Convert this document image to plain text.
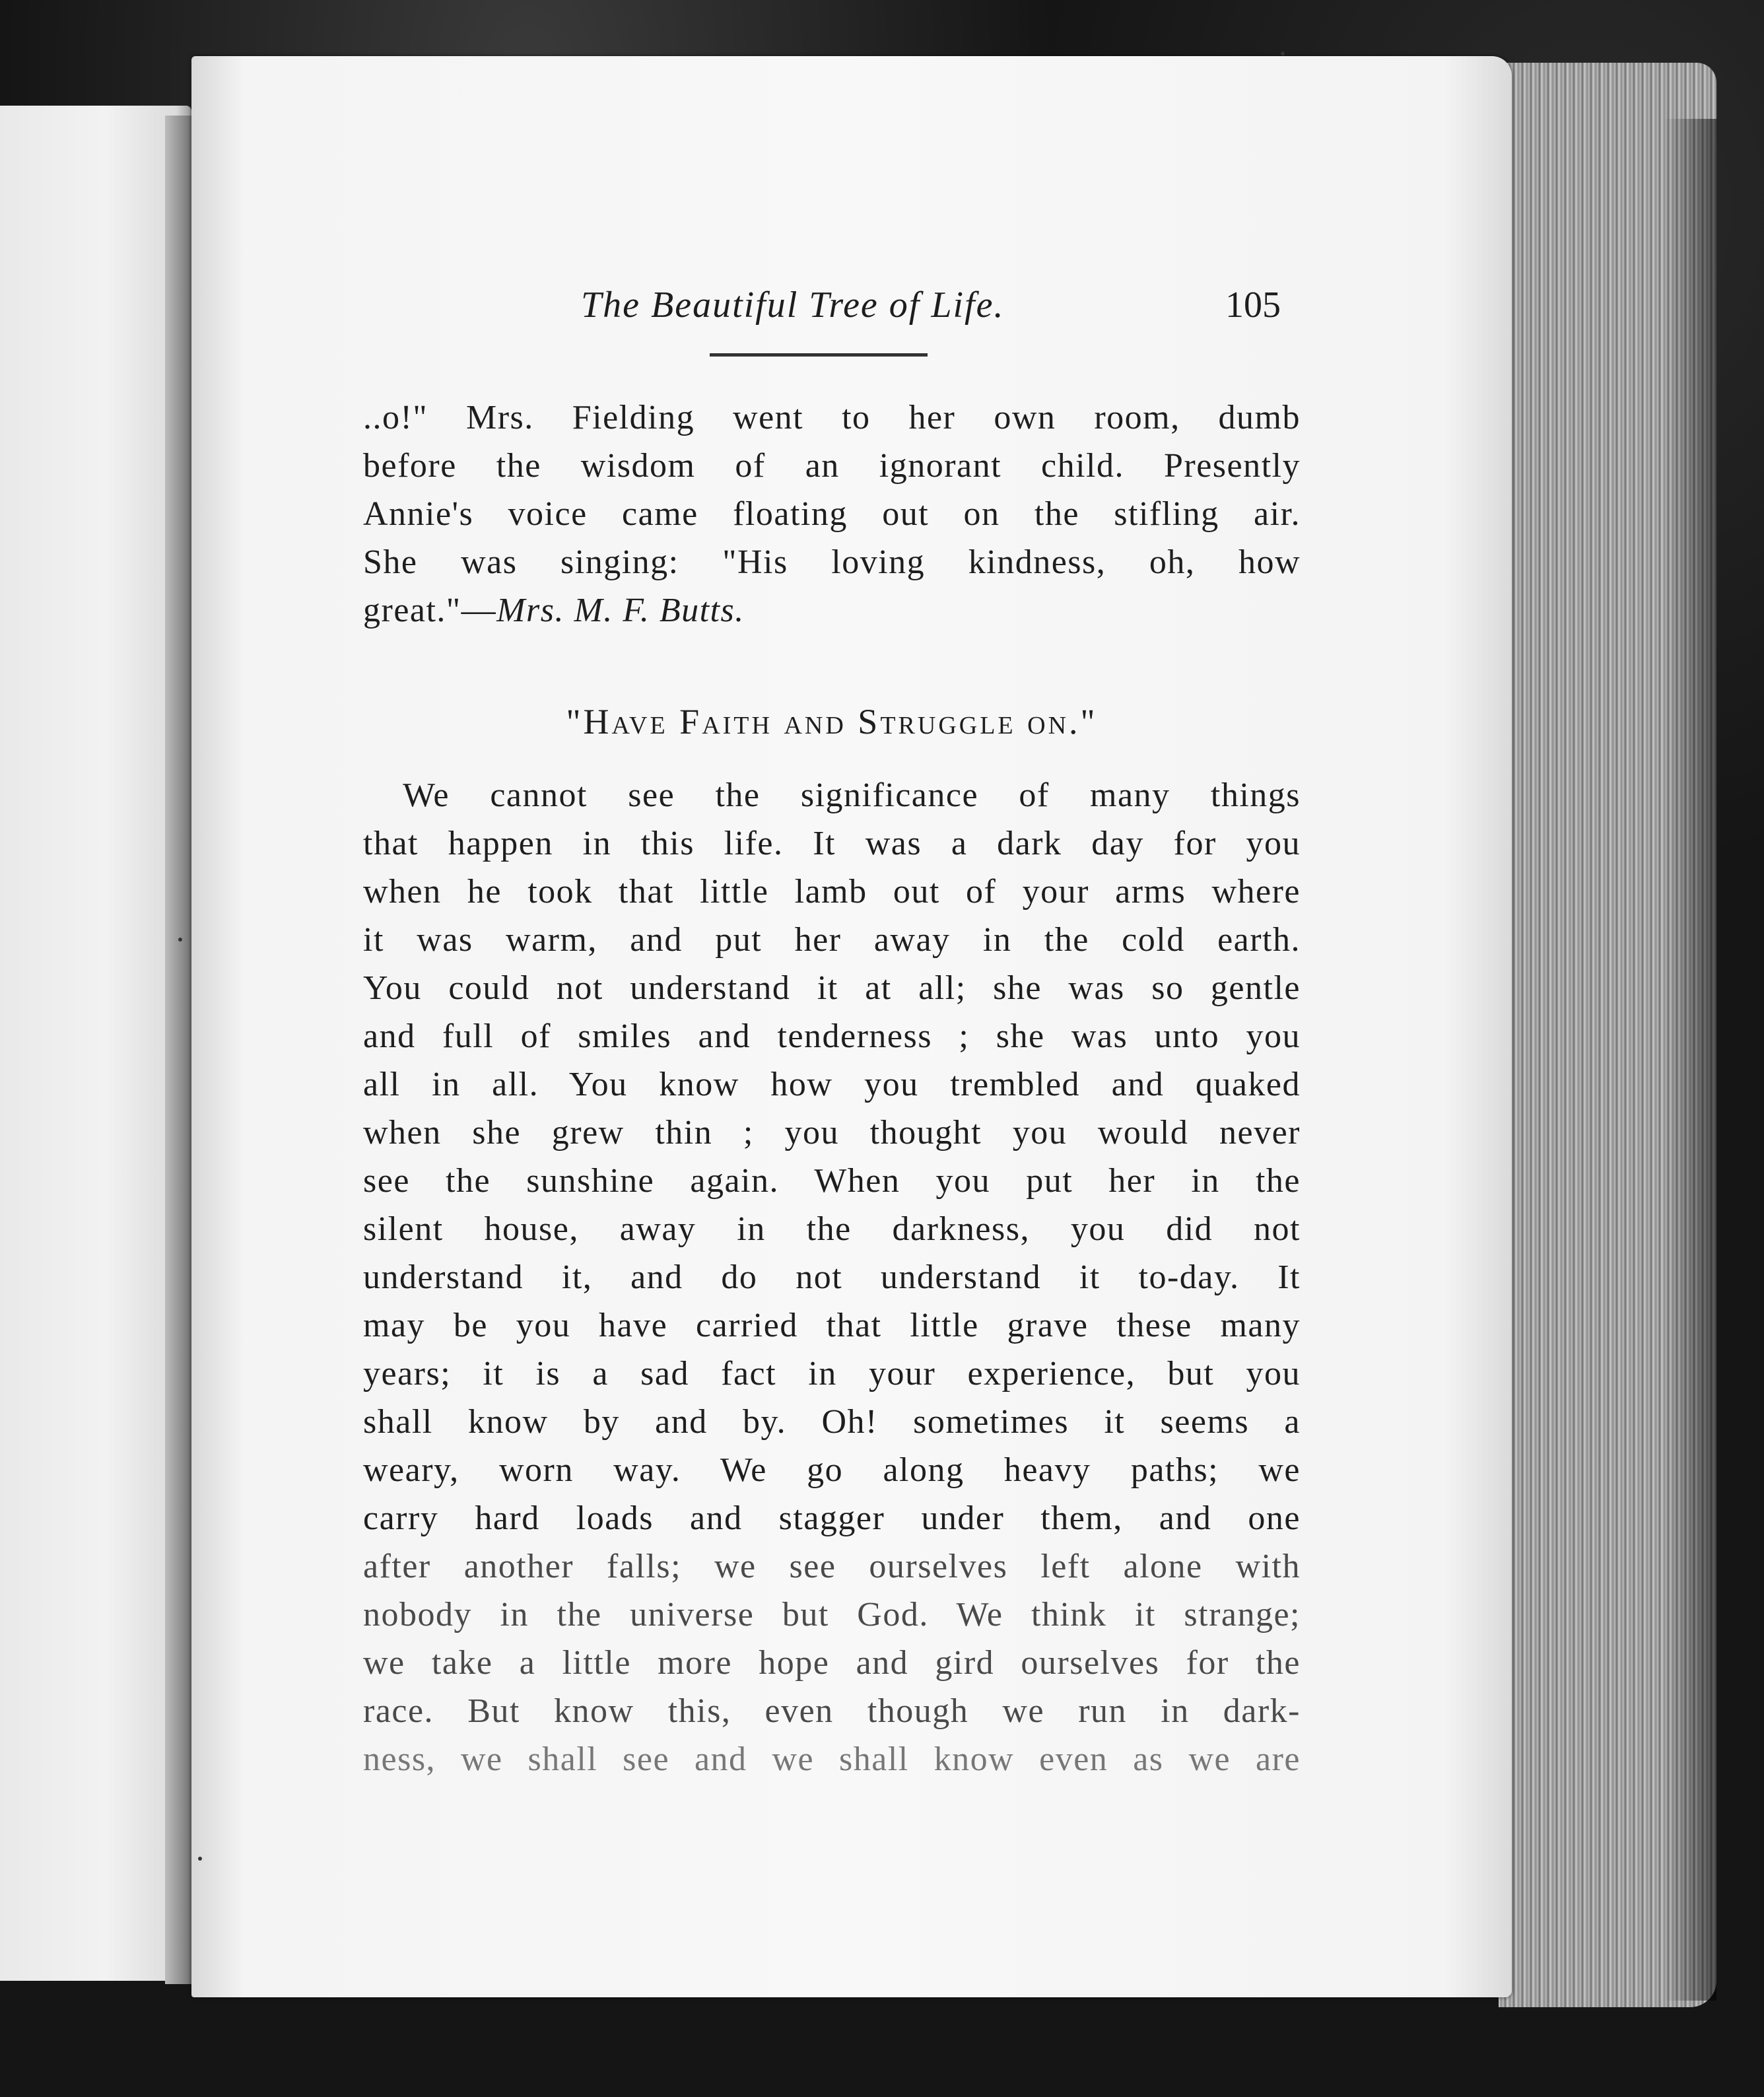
The Beautiful Tree of Life.	105
..o!" Mrs. Fielding went to her own room, dumb
before the wisdom of an ignorant child. Presently
Annie's voice came floating out on the stifling air.
She was singing: "His loving kindness, oh, how
great."—Mrs. M. F. Butts.
"Have Faith and Struggle on."
We cannot see the significance of many things
that happen in this life. It was a dark day for you
when he took that little lamb out of your arms where
it was warm, and put her away in the cold earth.
You could not understand it at all; she was so gentle
and full of smiles and tenderness ; she was unto you
all in all. You know how you trembled and quaked
when she grew thin ; you thought you would never
see the sunshine again. When you put her in the
silent house, away in the darkness, you did not
understand it, and do not understand it to-day. It
may be you have carried that little grave these many
years; it is a sad fact in your experience, but you
shall know by and by. Oh! sometimes it seems a
weary, worn way. We go along heavy paths; we
carry hard loads and stagger under them, and one
after another falls; we see ourselves left alone with
nobody in the universe but God. We think it strange;
we take a little more hope and gird ourselves for the
race. But know this, even though we run in dark-
ness, we shall see and we shall know even as we are
